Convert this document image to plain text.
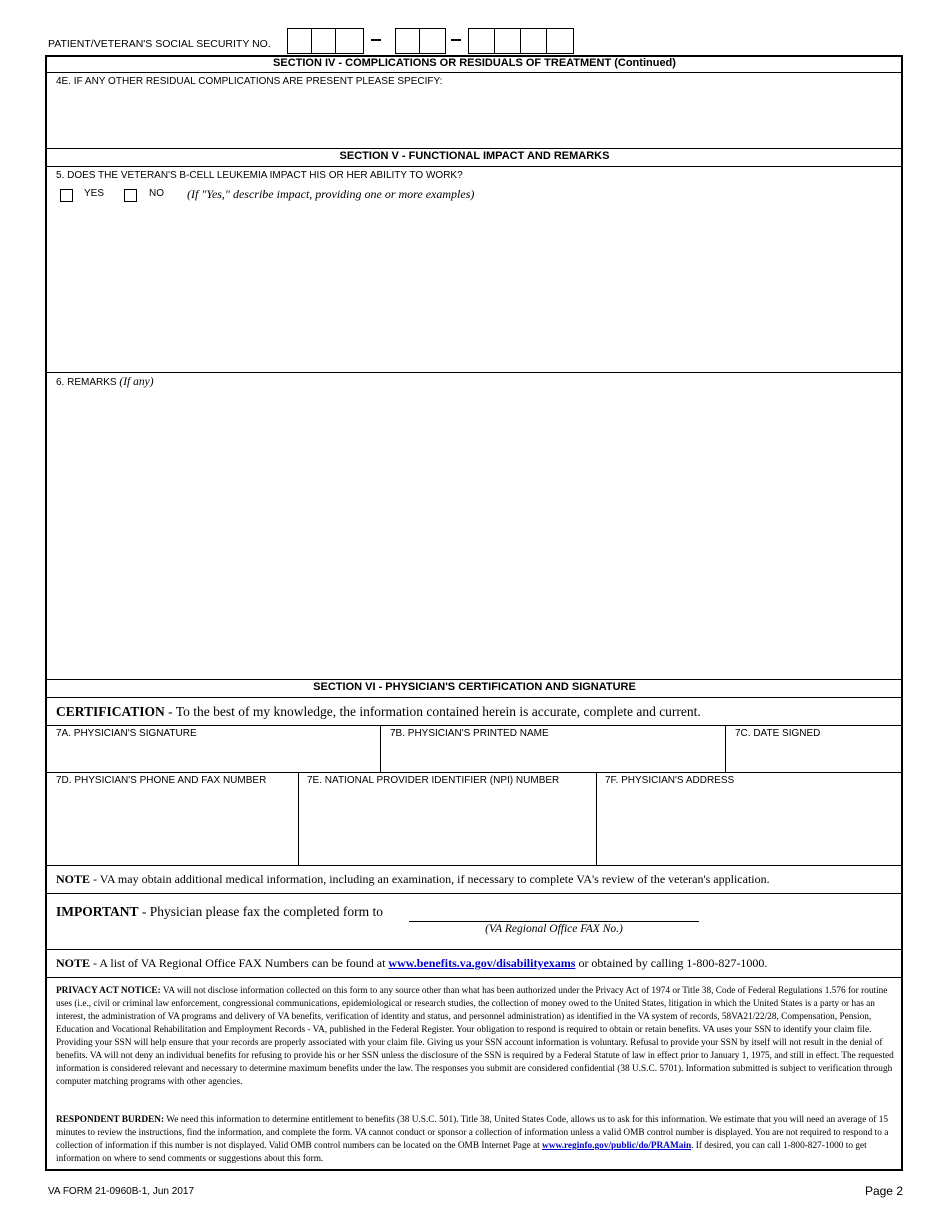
PATIENT/VETERAN'S SOCIAL SECURITY NO.
SECTION IV - COMPLICATIONS OR RESIDUALS OF TREATMENT (Continued)
4E. IF ANY OTHER RESIDUAL COMPLICATIONS ARE PRESENT PLEASE SPECIFY:
SECTION V - FUNCTIONAL IMPACT AND REMARKS
5. DOES THE VETERAN'S B-CELL LEUKEMIA IMPACT HIS OR HER ABILITY TO WORK?
YES	NO (If "Yes," describe impact, providing one or more examples)
6. REMARKS (If any)
SECTION VI - PHYSICIAN'S CERTIFICATION AND SIGNATURE
CERTIFICATION - To the best of my knowledge, the information contained herein is accurate, complete and current.
7A. PHYSICIAN'S SIGNATURE	7B. PHYSICIAN'S PRINTED NAME	7C. DATE SIGNED
7D. PHYSICIAN'S PHONE AND FAX NUMBER	7E. NATIONAL PROVIDER IDENTIFIER (NPI) NUMBER	7F. PHYSICIAN'S ADDRESS
NOTE - VA may obtain additional medical information, including an examination, if necessary to complete VA's review of the veteran's application.
IMPORTANT - Physician please fax the completed form to
(VA Regional Office FAX No.)
NOTE - A list of VA Regional Office FAX Numbers can be found at www.benefits.va.gov/disabilityexams or obtained by calling 1-800-827-1000.
PRIVACY ACT NOTICE: VA will not disclose information collected on this form to any source other than what has been authorized under the Privacy Act of 1974 or Title 38, Code of Federal Regulations 1.576 for routine uses (i.e., civil or criminal law enforcement, congressional communications, epidemiological or research studies, the collection of money owed to the United States, litigation in which the United States is a party or has an interest, the administration of VA programs and delivery of VA benefits, verification of identity and status, and personnel administration) as identified in the VA system of records, 58VA21/22/28, Compensation, Pension, Education and Vocational Rehabilitation and Employment Records - VA, published in the Federal Register. Your obligation to respond is required to obtain or retain benefits. VA uses your SSN to identify your claim file. Providing your SSN will help ensure that your records are properly associated with your claim file. Giving us your SSN account information is voluntary. Refusal to provide your SSN by itself will not result in the denial of benefits. VA will not deny an individual benefits for refusing to provide his or her SSN unless the disclosure of the SSN is required by a Federal Statute of law in effect prior to January 1, 1975, and still in effect. The requested information is considered relevant and necessary to determine maximum benefits under the law. The responses you submit are considered confidential (38 U.S.C. 5701). Information submitted is subject to verification through computer matching programs with other agencies.
RESPONDENT BURDEN: We need this information to determine entitlement to benefits (38 U.S.C. 501). Title 38, United States Code, allows us to ask for this information. We estimate that you will need an average of 15 minutes to review the instructions, find the information, and complete the form. VA cannot conduct or sponsor a collection of information unless a valid OMB control number is displayed. You are not required to respond to a collection of information if this number is not displayed. Valid OMB control numbers can be located on the OMB Internet Page at www.reginfo.gov/public/do/PRAMain. If desired, you can call 1-800-827-1000 to get information on where to send comments or suggestions about this form.
VA FORM 21-0960B-1, Jun 2017	Page 2
